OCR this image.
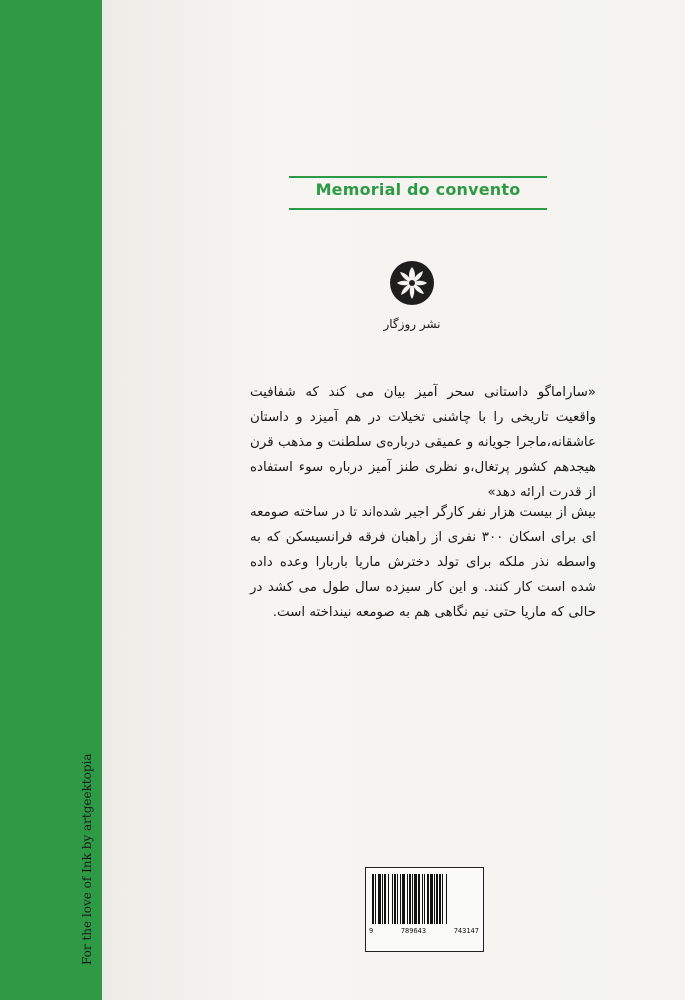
For the love of Ink by artgeektopia
Memorial do convento
نشر روزگار
«ساراماگو داستانی سحر آمیز بیان می کند که شفافیت واقعیت تاریخی را با چاشنی تخیلات در هم آمیزد و داستان عاشقانه،ماجرا جویانه و عمیقی درباره‌ی سلطنت و مذهب قرن هیجدهم کشور پرتغال،و نظری طنز آمیز درباره سوء استفاده از قدرت ارائه دهد»
بیش از بیست هزار نفر کارگر اجیر شده‌اند تا در ساخته صومعه ای برای اسکان ۳۰۰ نفری از راهبان فرقه فرانسیسکن که به واسطه نذر ملکه برای تولد دخترش ماریا باربارا وعده داده شده است کار کنند. و این کار سیزده سال طول می کشد در حالی که ماریا حتی نیم نگاهی هم به صومعه نینداخته است.
9	789643	743147
